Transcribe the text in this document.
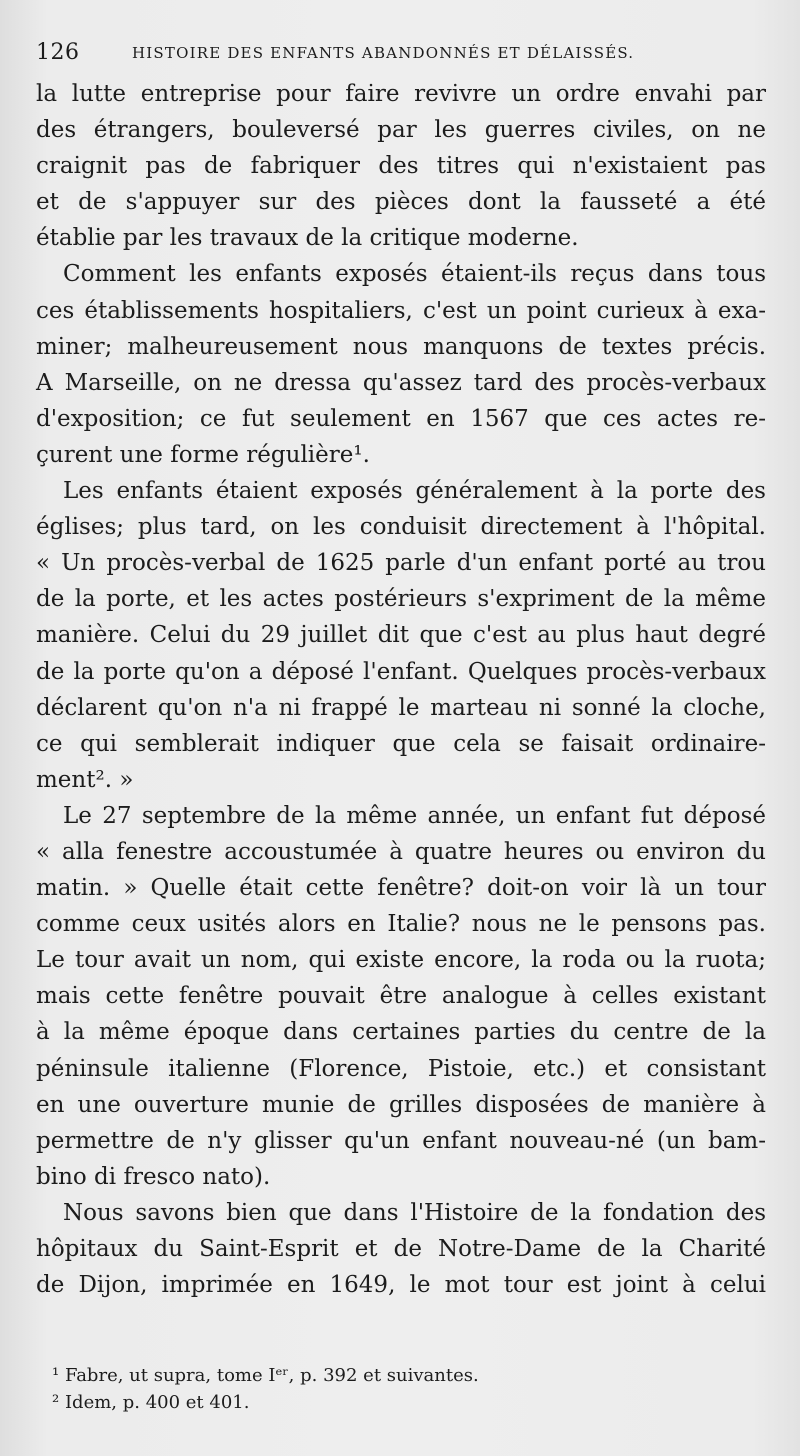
126	HISTOIRE DES ENFANTS ABANDONNÉS ET DÉLAISSÉS.
la lutte entreprise pour faire revivre un ordre envahi par
des étrangers, bouleversé par les guerres civiles, on ne
craignit pas de fabriquer des titres qui n'existaient pas
et de s'appuyer sur des pièces dont la fausseté a été
établie par les travaux de la critique moderne.
Comment les enfants exposés étaient-ils reçus dans tous
ces établissements hospitaliers, c'est un point curieux à exa-
miner; malheureusement nous manquons de textes précis.
A Marseille, on ne dressa qu'assez tard des procès-verbaux
d'exposition; ce fut seulement en 1567 que ces actes re-
çurent une forme régulière¹.
Les enfants étaient exposés généralement à la porte des
églises; plus tard, on les conduisit directement à l'hôpital.
« Un procès-verbal de 1625 parle d'un enfant porté au trou
de la porte, et les actes postérieurs s'expriment de la même
manière. Celui du 29 juillet dit que c'est au plus haut degré
de la porte qu'on a déposé l'enfant. Quelques procès-verbaux
déclarent qu'on n'a ni frappé le marteau ni sonné la cloche,
ce qui semblerait indiquer que cela se faisait ordinaire-
ment². »
Le 27 septembre de la même année, un enfant fut déposé
« alla fenestre accoustumée à quatre heures ou environ du
matin. » Quelle était cette fenêtre? doit-on voir là un tour
comme ceux usités alors en Italie? nous ne le pensons pas.
Le tour avait un nom, qui existe encore, la roda ou la ruota;
mais cette fenêtre pouvait être analogue à celles existant
à la même époque dans certaines parties du centre de la
péninsule italienne (Florence, Pistoie, etc.) et consistant
en une ouverture munie de grilles disposées de manière à
permettre de n'y glisser qu'un enfant nouveau-né (un bam-
bino di fresco nato).
Nous savons bien que dans l'Histoire de la fondation des
hôpitaux du Saint-Esprit et de Notre-Dame de la Charité
de Dijon, imprimée en 1649, le mot tour est joint à celui
¹ Fabre, ut supra, tome Iᵉʳ, p. 392 et suivantes.
² Idem, p. 400 et 401.
